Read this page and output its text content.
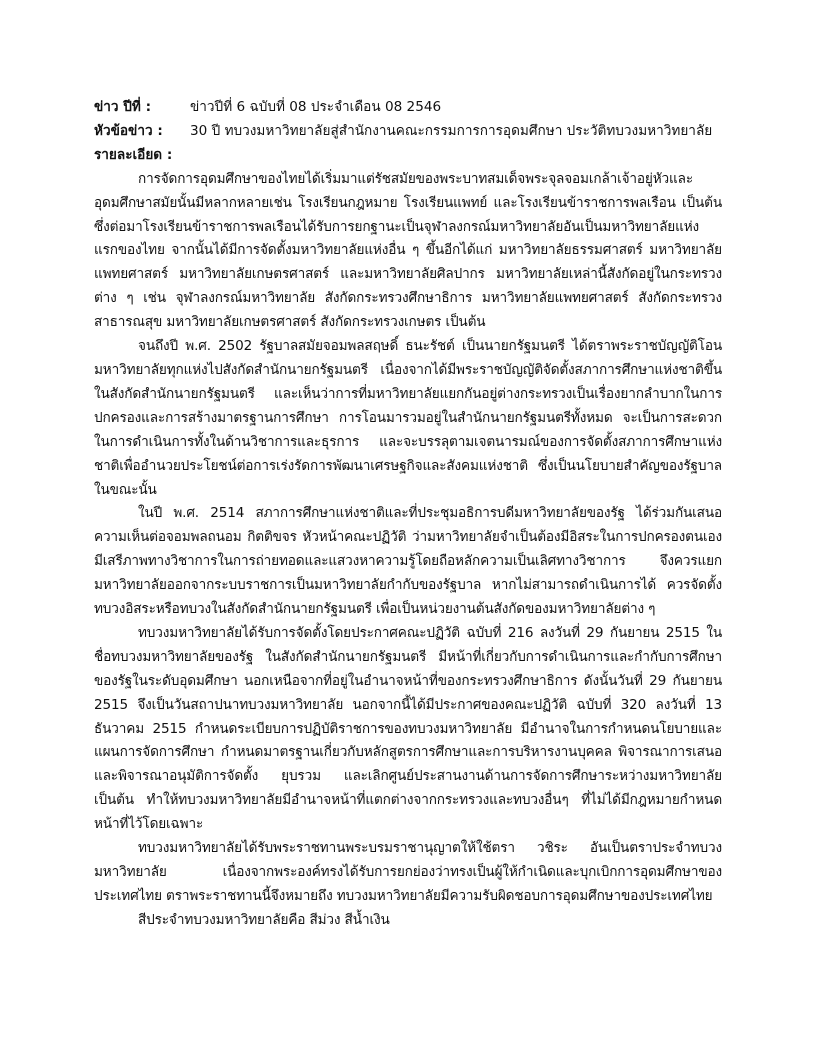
ข่าว ปีที่ :	ข่าวปีที่ 6 ฉบับที่ 08 ประจำเดือน 08 2546
หัวข้อข่าว :	30 ปี ทบวงมหาวิทยาลัยสู่สำนักงานคณะกรรมการการอุดมศึกษา ประวัติทบวงมหาวิทยาลัย
รายละเอียด :

การจัดการอุดมศึกษาของไทยได้เริ่มมาแต่รัชสมัยของพระบาทสมเด็จพระจุลจอมเกล้าเจ้าอยู่หัวและอุดมศึกษาสมัยนั้นมีหลากหลายเช่น โรงเรียนกฎหมาย โรงเรียนแพทย์ และโรงเรียนข้าราชการพลเรือน เป็นต้น ซึ่งต่อมาโรงเรียนข้าราชการพลเรือนได้รับการยกฐานะเป็นจุฬาลงกรณ์มหาวิทยาลัยอันเป็นมหาวิทยาลัยแห่งแรกของไทย จากนั้นได้มีการจัดตั้งมหาวิทยาลัยแห่งอื่น ๆ ขึ้นอีกได้แก่ มหาวิทยาลัยธรรมศาสตร์ มหาวิทยาลัยแพทยศาสตร์ มหาวิทยาลัยเกษตรศาสตร์ และมหาวิทยาลัยศิลปากร มหาวิทยาลัยเหล่านี้สังกัดอยู่ในกระทรวงต่าง ๆ เช่น จุฬาลงกรณ์มหาวิทยาลัย สังกัดกระทรวงศึกษาธิการ มหาวิทยาลัยแพทยศาสตร์ สังกัดกระทรวงสาธารณสุข มหาวิทยาลัยเกษตรศาสตร์ สังกัดกระทรวงเกษตร เป็นต้น

จนถึงปี พ.ศ. 2502 รัฐบาลสมัยจอมพลสฤษดิ์ ธนะรัชต์ เป็นนายกรัฐมนตรี ได้ตราพระราชบัญญัติโอนมหาวิทยาลัยทุกแห่งไปสังกัดสำนักนายกรัฐมนตรี เนื่องจากได้มีพระราชบัญญัติจัดตั้งสภาการศึกษาแห่งชาติขึ้นในสังกัดสำนักนายกรัฐมนตรี และเห็นว่าการที่มหาวิทยาลัยแยกกันอยู่ต่างกระทรวงเป็นเรื่องยากลำบากในการปกครองและการสร้างมาตรฐานการศึกษา การโอนมารวมอยู่ในสำนักนายกรัฐมนตรีทั้งหมด จะเป็นการสะดวกในการดำเนินการทั้งในด้านวิชาการและธุรการ และจะบรรลุตามเจตนารมณ์ของการจัดตั้งสภาการศึกษาแห่งชาติเพื่ออำนวยประโยชน์ต่อการเร่งรัดการพัฒนาเศรษฐกิจและสังคมแห่งชาติ ซึ่งเป็นนโยบายสำคัญของรัฐบาลในขณะนั้น

ในปี พ.ศ. 2514 สภาการศึกษาแห่งชาติและที่ประชุมอธิการบดีมหาวิทยาลัยของรัฐ ได้ร่วมกันเสนอความเห็นต่อจอมพลถนอม กิตติขจร หัวหน้าคณะปฏิวัติ ว่ามหาวิทยาลัยจำเป็นต้องมีอิสระในการปกครองตนเอง มีเสรีภาพทางวิชาการในการถ่ายทอดและแสวงหาความรู้โดยถือหลักความเป็นเลิศทางวิชาการ จึงควรแยกมหาวิทยาลัยออกจากระบบราชการเป็นมหาวิทยาลัยกำกับของรัฐบาล หากไม่สามารถดำเนินการได้ ควรจัดตั้งทบวงอิสระหรือทบวงในสังกัดสำนักนายกรัฐมนตรี เพื่อเป็นหน่วยงานต้นสังกัดของมหาวิทยาลัยต่าง ๆ

ทบวงมหาวิทยาลัยได้รับการจัดตั้งโดยประกาศคณะปฏิวัติ ฉบับที่ 216 ลงวันที่ 29 กันยายน 2515 ในชื่อทบวงมหาวิทยาลัยของรัฐ ในสังกัดสำนักนายกรัฐมนตรี มีหน้าที่เกี่ยวกับการดำเนินการและกำกับการศึกษาของรัฐในระดับอุดมศึกษา นอกเหนือจากที่อยู่ในอำนาจหน้าที่ของกระทรวงศึกษาธิการ ดังนั้นวันที่ 29 กันยายน 2515 จึงเป็นวันสถาปนาทบวงมหาวิทยาลัย นอกจากนี้ได้มีประกาศของคณะปฏิวัติ ฉบับที่ 320 ลงวันที่ 13 ธันวาคม 2515 กำหนดระเบียบการปฏิบัติราชการของทบวงมหาวิทยาลัย มีอำนาจในการกำหนดนโยบายและแผนการจัดการศึกษา กำหนดมาตรฐานเกี่ยวกับหลักสูตรการศึกษาและการบริหารงานบุคคล พิจารณาการเสนอและพิจารณาอนุมัติการจัดตั้ง ยุบรวม และเลิกศูนย์ประสานงานด้านการจัดการศึกษาระหว่างมหาวิทยาลัย เป็นต้น ทำให้ทบวงมหาวิทยาลัยมีอำนาจหน้าที่แตกต่างจากกระทรวงและทบวงอื่นๆ ที่ไม่ได้มีกฎหมายกำหนดหน้าที่ไว้โดยเฉพาะ

ทบวงมหาวิทยาลัยได้รับพระราชทานพระบรมราชานุญาตให้ใช้ตรา วชิระ อันเป็นตราประจำทบวงมหาวิทยาลัย เนื่องจากพระองค์ทรงได้รับการยกย่องว่าทรงเป็นผู้ให้กำเนิดและบุกเบิกการอุดมศึกษาของประเทศไทย ตราพระราชทานนี้จึงหมายถึง ทบวงมหาวิทยาลัยมีความรับผิดชอบการอุดมศึกษาของประเทศไทย

สีประจำทบวงมหาวิทยาลัยคือ สีม่วง สีน้ำเงิน
